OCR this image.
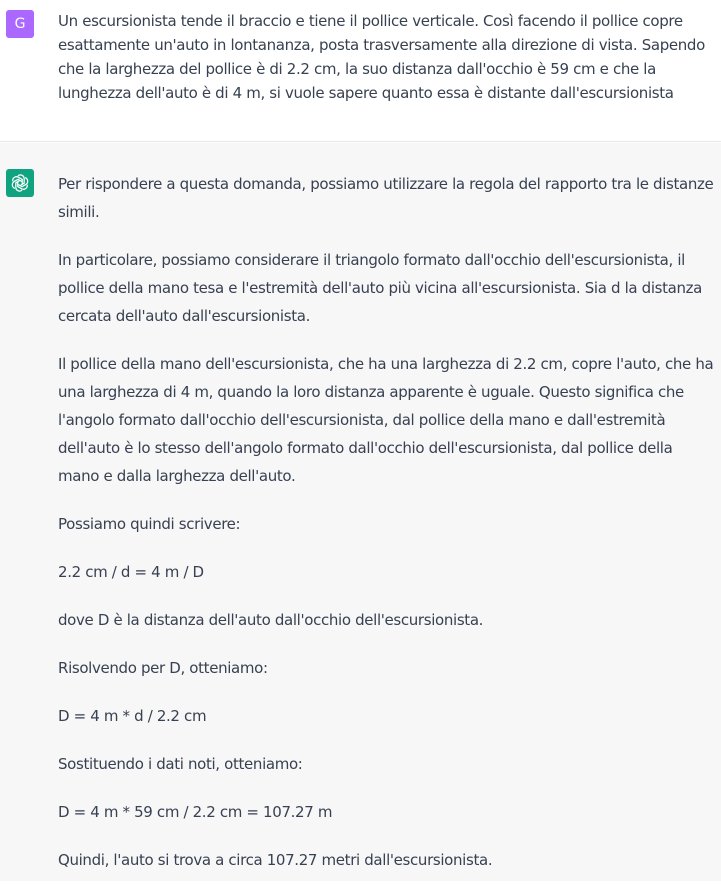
G	Un escursionista tende il braccio e tiene il pollice verticale. Così facendo il pollice copre esattamente un'auto in lontananza, posta trasversamente alla direzione di vista. Sapendo che la larghezza del pollice è di 2.2 cm, la suo distanza dall'occhio è 59 cm e che la lunghezza dell'auto è di 4 m, si vuole sapere quanto essa è distante dall'escursionista

Per rispondere a questa domanda, possiamo utilizzare la regola del rapporto tra le distanze simili.

In particolare, possiamo considerare il triangolo formato dall'occhio dell'escursionista, il pollice della mano tesa e l'estremità dell'auto più vicina all'escursionista. Sia d la distanza cercata dell'auto dall'escursionista.

Il pollice della mano dell'escursionista, che ha una larghezza di 2.2 cm, copre l'auto, che ha una larghezza di 4 m, quando la loro distanza apparente è uguale. Questo significa che l'angolo formato dall'occhio dell'escursionista, dal pollice della mano e dall'estremità dell'auto è lo stesso dell'angolo formato dall'occhio dell'escursionista, dal pollice della mano e dalla larghezza dell'auto.

Possiamo quindi scrivere:

2.2 cm / d = 4 m / D

dove D è la distanza dell'auto dall'occhio dell'escursionista.

Risolvendo per D, otteniamo:

D = 4 m * d / 2.2 cm

Sostituendo i dati noti, otteniamo:

D = 4 m * 59 cm / 2.2 cm = 107.27 m

Quindi, l'auto si trova a circa 107.27 metri dall'escursionista.
